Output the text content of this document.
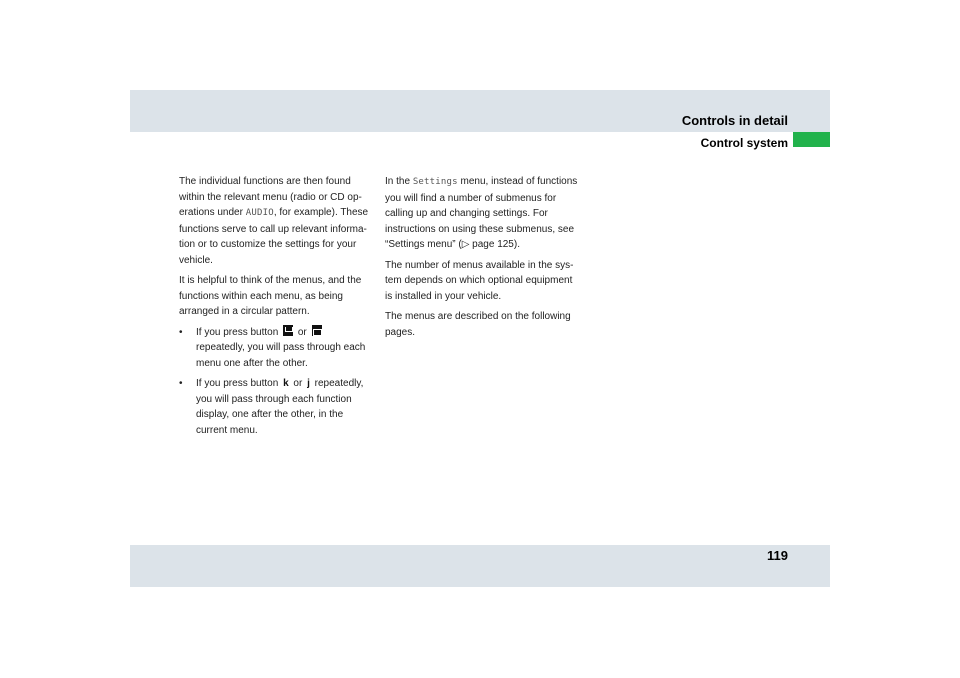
Controls in detail
Control system

The individual functions are then found within the relevant menu (radio or CD op-erations under AUDIO, for example). These functions serve to call up relevant informa-tion or to customize the settings for your vehicle.

It is helpful to think of the menus, and the functions within each menu, as being arranged in a circular pattern.

• If you press button or  repeatedly, you will pass through each menu one after the other.
• If you press button k or j repeatedly, you will pass through each function display, one after the other, in the current menu.

In the Settings menu, instead of functions you will find a number of submenus for calling up and changing settings. For instructions on using these submenus, see “Settings menu” (▷ page 125).

The number of menus available in the sys-tem depends on which optional equipment is installed in your vehicle.

The menus are described on the following pages.

119
